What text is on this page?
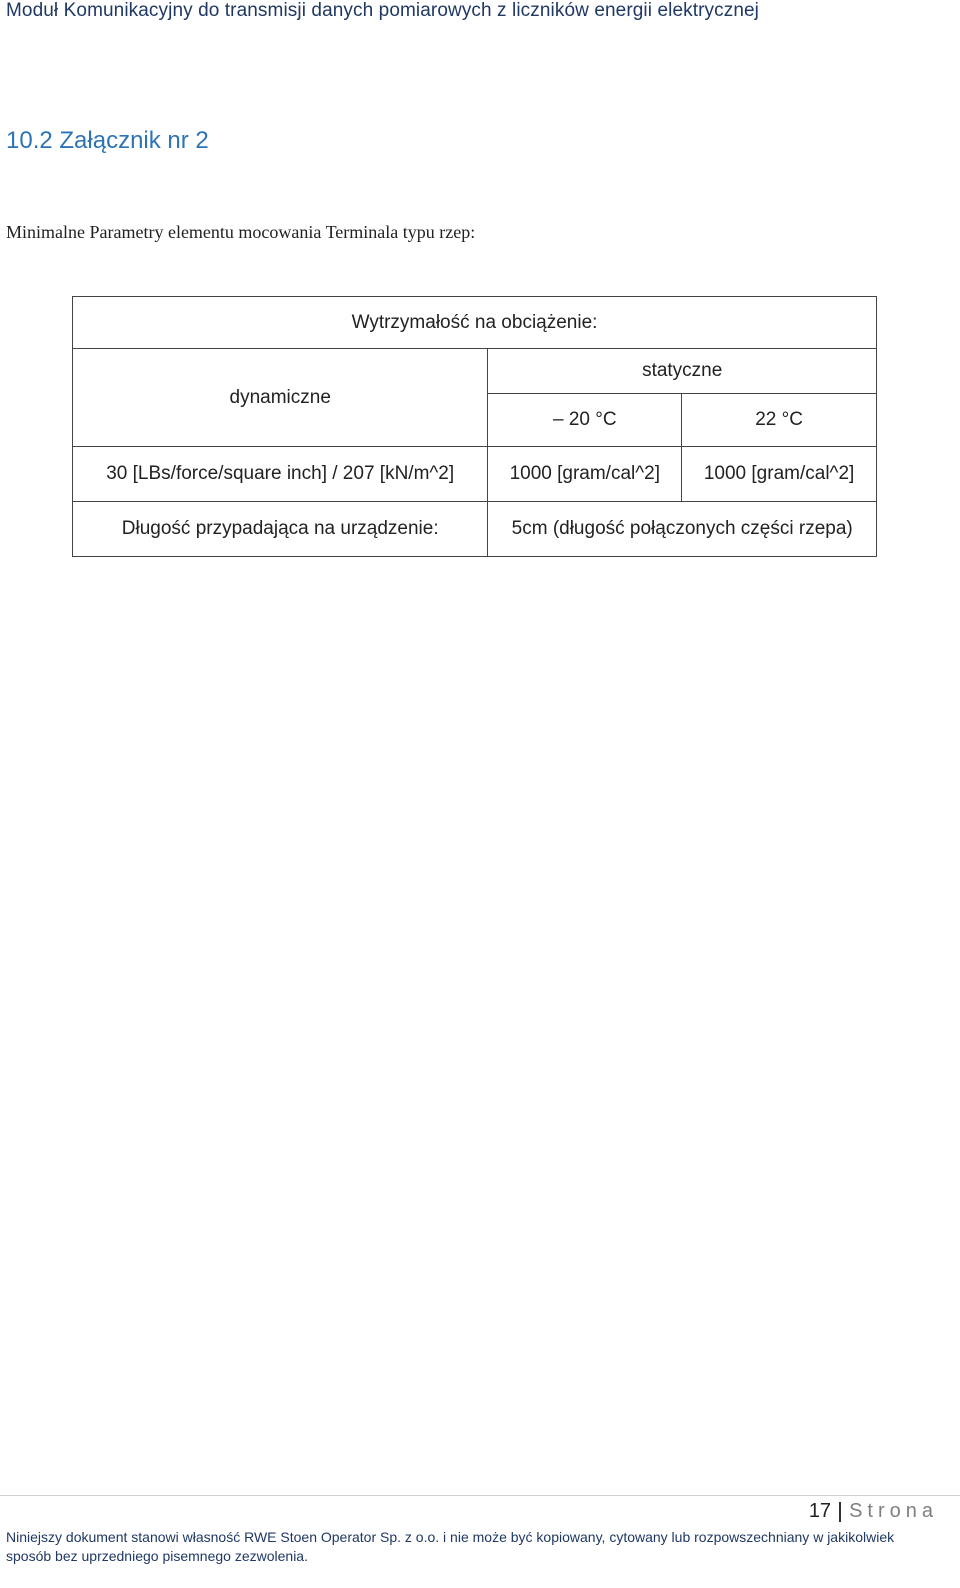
Moduł Komunikacyjny do transmisji danych pomiarowych z liczników energii elektrycznej
10.2 Załącznik nr 2
Minimalne Parametry elementu mocowania Terminala typu rzep:
Wytrzymałość na obciążenie:		
dynamiczne	statyczne	
	– 20 °C	22 °C
30 [LBs/force/square inch] / 207 [kN/m^2]	1000 [gram/cal^2]	1000 [gram/cal^2]
Długość przypadająca na urządzenie:	5cm (długość połączonych części rzepa)	
17 Strona
Niniejszy dokument stanowi własność RWE Stoen Operator Sp. z o.o. i nie może być kopiowany, cytowany lub rozpowszechniany w jakikolwiek sposób bez uprzedniego pisemnego zezwolenia.
